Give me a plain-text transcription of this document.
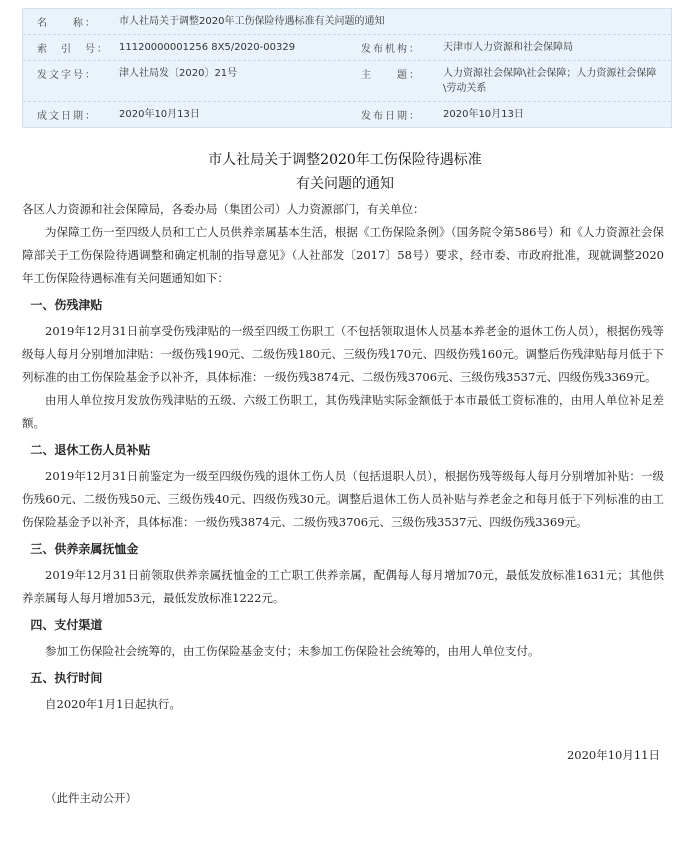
名　　称：	市人社局关于调整2020年工伤保险待遇标准有关问题的通知
索　引　号：	11120000001256 8X5/2020-00329	发布机构：	天津市人力资源和社会保障局
发文字号：	津人社局发〔2020〕21号	主　　题：	人力资源社会保障\社会保障；人力资源社会保障\劳动关系
成文日期：	2020年10月13日	发布日期：	2020年10月13日
市人社局关于调整2020年工伤保险待遇标准
有关问题的通知

各区人力资源和社会保障局，各委办局（集团公司）人力资源部门，有关单位：

为保障工伤一至四级人员和工亡人员供养亲属基本生活，根据《工伤保险条例》（国务院令第586号）和《人力资源社会保障部关于工伤保险待遇调整和确定机制的指导意见》（人社部发〔2017〕58号）要求，经市委、市政府批准，现就调整2020年工伤保险待遇标准有关问题通知如下：

一、伤残津贴

2019年12月31日前享受伤残津贴的一级至四级工伤职工（不包括领取退休人员基本养老金的退休工伤人员），根据伤残等级每人每月分别增加津贴：一级伤残190元、二级伤残180元、三级伤残170元、四级伤残160元。调整后伤残津贴每月低于下列标准的由工伤保险基金予以补齐，具体标准：一级伤残3874元、二级伤残3706元、三级伤残3537元、四级伤残3369元。

由用人单位按月发放伤残津贴的五级、六级工伤职工，其伤残津贴实际金额低于本市最低工资标准的，由用人单位补足差额。

二、退休工伤人员补贴

2019年12月31日前鉴定为一级至四级伤残的退休工伤人员（包括退职人员），根据伤残等级每人每月分别增加补贴：一级伤残60元、二级伤残50元、三级伤残40元、四级伤残30元。调整后退休工伤人员补贴与养老金之和每月低于下列标准的由工伤保险基金予以补齐，具体标准：一级伤残3874元、二级伤残3706元、三级伤残3537元、四级伤残3369元。

三、供养亲属抚恤金

2019年12月31日前领取供养亲属抚恤金的工亡职工供养亲属，配偶每人每月增加70元，最低发放标准1631元；其他供养亲属每人每月增加53元，最低发放标准1222元。

四、支付渠道

参加工伤保险社会统筹的，由工伤保险基金支付；未参加工伤保险社会统筹的，由用人单位支付。

五、执行时间

自2020年1月1日起执行。

2020年10月11日

（此件主动公开）
